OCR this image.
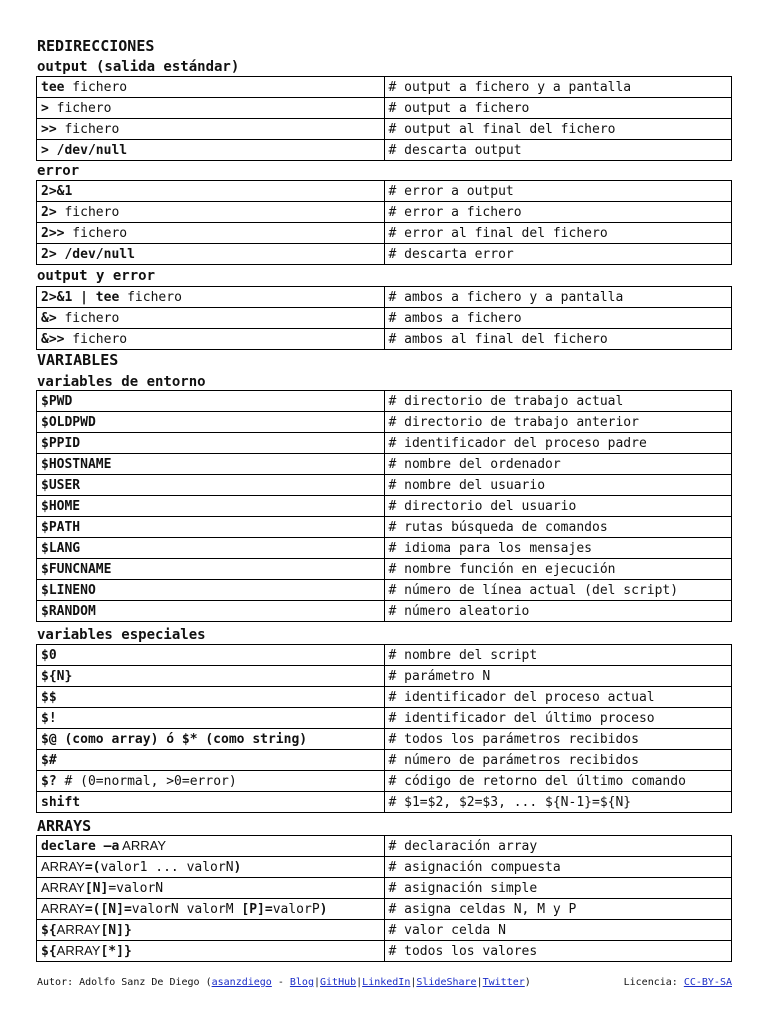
REDIRECCIONES
output (salida estándar)
tee fichero	# output a fichero y a pantalla
> fichero	# output a fichero
>> fichero	# output al final del fichero
> /dev/null	# descarta output
error
2>&1	# error a output
2> fichero	# error a fichero
2>> fichero	# error al final del fichero
2> /dev/null	# descarta error
output y error
2>&1 | tee fichero	# ambos a fichero y a pantalla
&> fichero	# ambos a fichero
&>> fichero	# ambos al final del fichero
VARIABLES
variables de entorno
$PWD	# directorio de trabajo actual
$OLDPWD	# directorio de trabajo anterior
$PPID	# identificador del proceso padre
$HOSTNAME	# nombre del ordenador
$USER	# nombre del usuario
$HOME	# directorio del usuario
$PATH	# rutas búsqueda de comandos
$LANG	# idioma para los mensajes
$FUNCNAME	# nombre función en ejecución
$LINENO	# número de línea actual (del script)
$RANDOM	# número aleatorio
variables especiales
$0	# nombre del script
${N}	# parámetro N
$$	# identificador del proceso actual
$!	# identificador del último proceso
$@ (como array) ó $* (como string)	# todos los parámetros recibidos
$#	# número de parámetros recibidos
$? # (0=normal, >0=error)	# código de retorno del último comando
shift	# $1=$2, $2=$3, ... ${N-1}=${N}
ARRAYS
declare –a ARRAY	# declaración array
ARRAY=(valor1 ... valorN)	# asignación compuesta
ARRAY[N]=valorN	# asignación simple
ARRAY=([N]=valorN valorM [P]=valorP)	# asigna celdas N, M y P
${ARRAY[N]}	# valor celda N
${ARRAY[*]}	# todos los valores
Autor: Adolfo Sanz De Diego (asanzdiego - Blog|GitHub|LinkedIn|SlideShare|Twitter)	Licencia: CC-BY-SA
